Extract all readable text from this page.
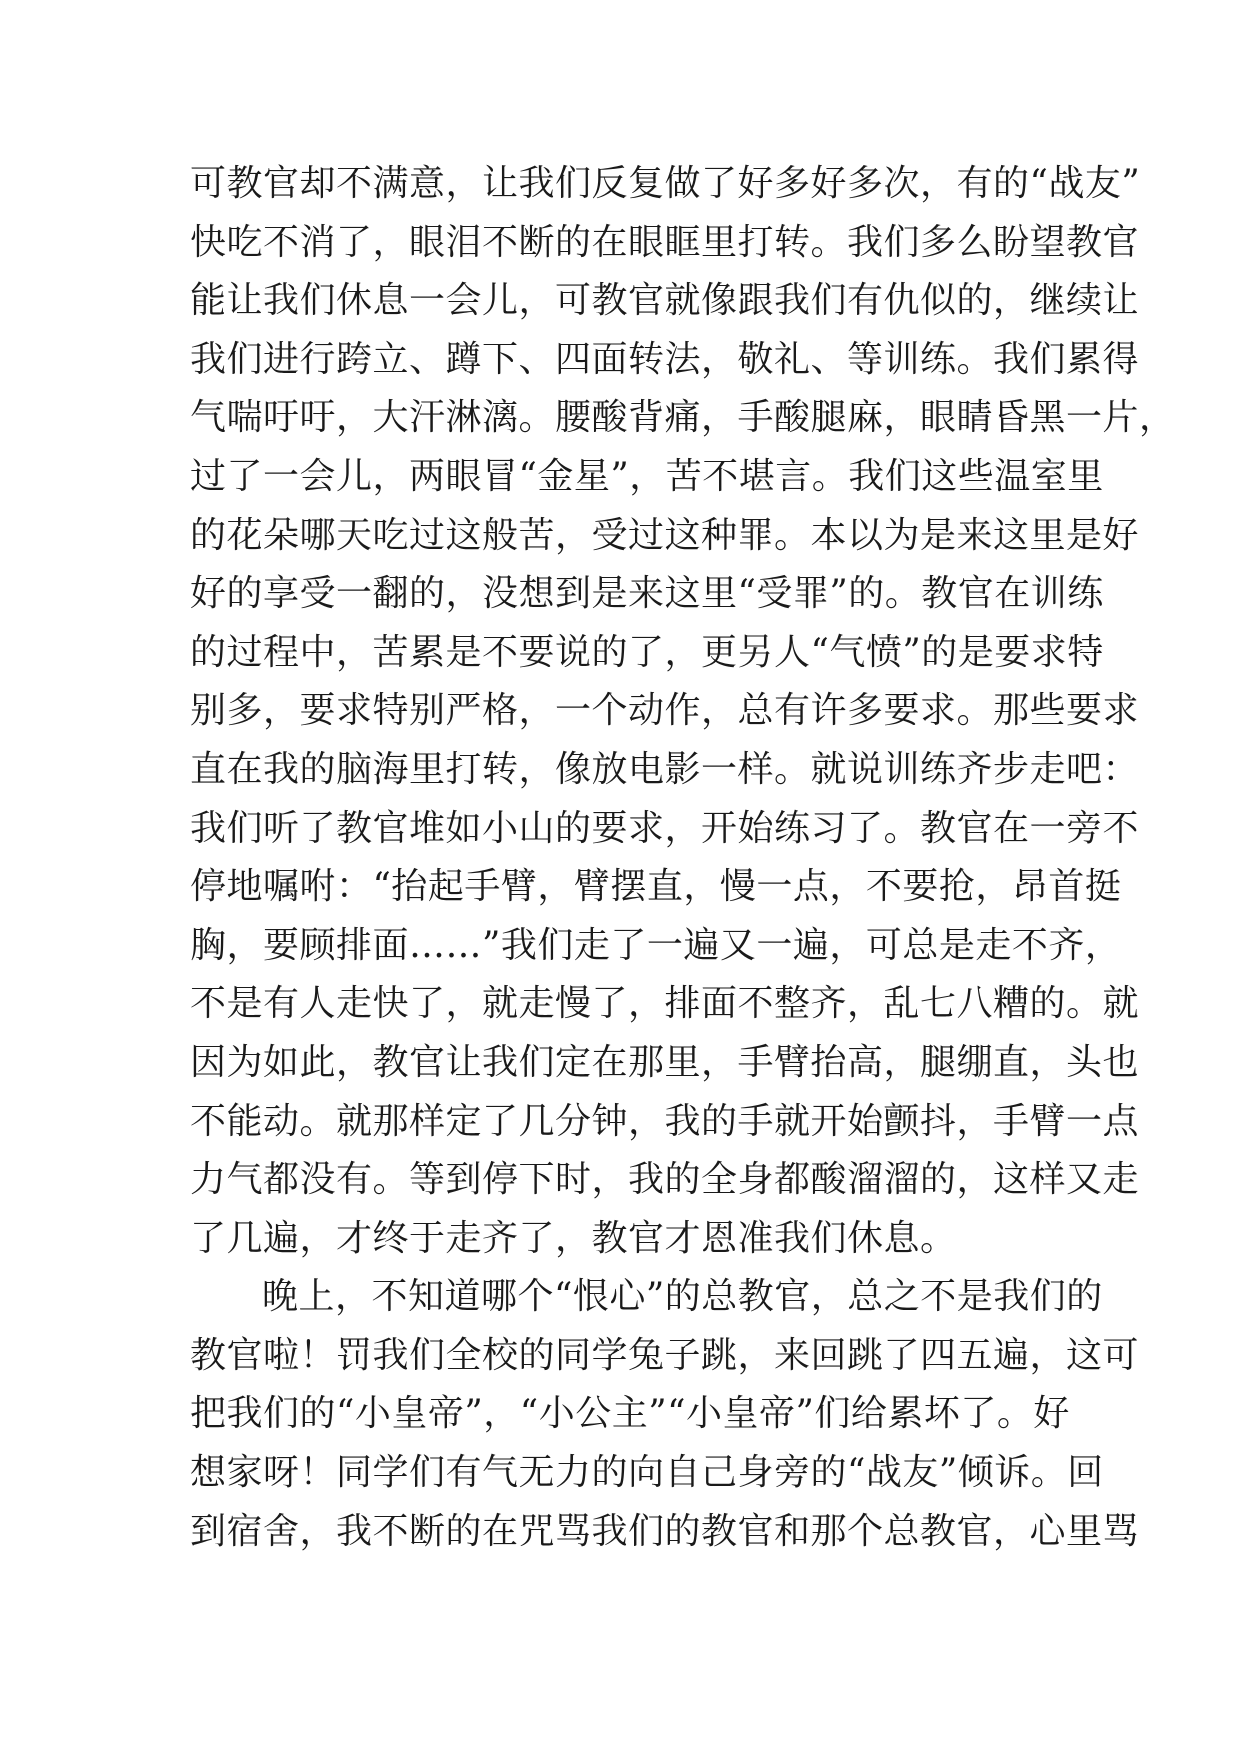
可教官却不满意，让我们反复做了好多好多次，有的“战友”
快吃不消了，眼泪不断的在眼眶里打转。我们多么盼望教官
能让我们休息一会儿，可教官就像跟我们有仇似的，继续让
我们进行跨立、蹲下、四面转法，敬礼、等训练。我们累得
气喘吁吁，大汗淋漓。腰酸背痛，手酸腿麻，眼睛昏黑一片，
过了一会儿，两眼冒“金星”，苦不堪言。我们这些温室里
的花朵哪天吃过这般苦，受过这种罪。本以为是来这里是好
好的享受一翻的，没想到是来这里“受罪”的。教官在训练
的过程中，苦累是不要说的了，更另人“气愤”的是要求特
别多，要求特别严格，一个动作，总有许多要求。那些要求
直在我的脑海里打转，像放电影一样。就说训练齐步走吧：
我们听了教官堆如小山的要求，开始练习了。教官在一旁不
停地嘱咐：“抬起手臂，臂摆直，慢一点，不要抢，昂首挺
胸，要顾排面……”我们走了一遍又一遍，可总是走不齐，
不是有人走快了，就走慢了，排面不整齐，乱七八糟的。就
因为如此，教官让我们定在那里，手臂抬高，腿绷直，头也
不能动。就那样定了几分钟，我的手就开始颤抖，手臂一点
力气都没有。等到停下时，我的全身都酸溜溜的，这样又走
了几遍，才终于走齐了，教官才恩准我们休息。
晚上，不知道哪个“恨心”的总教官，总之不是我们的
教官啦！罚我们全校的同学兔子跳，来回跳了四五遍，这可
把我们的“小皇帝”，“小公主”“小皇帝”们给累坏了。好
想家呀！同学们有气无力的向自己身旁的“战友”倾诉。回
到宿舍，我不断的在咒骂我们的教官和那个总教官，心里骂
